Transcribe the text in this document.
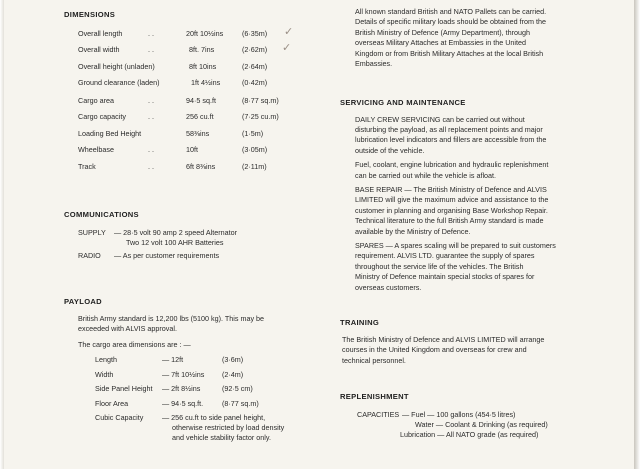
DIMENSIONS
Overall length	. .	20ft 10½ins	(6·35m)
Overall width	. .	8ft. 7ins	(2·62m)
Overall height (unladen)	8ft 10ins	(2·64m)
Ground clearance (laden)	1ft 4½ins	(0·42m)
Cargo area	. .	94·5 sq.ft	(8·77 sq.m)
Cargo capacity	. .	256 cu.ft	(7·25 cu.m)
Loading Bed Height	58⅜ins	(1·5m)
Wheelbase	. .	10ft	(3·05m)
Track	. .	6ft 8⅜ins	(2·11m)
✓
✓
COMMUNICATIONS
SUPPLY — 28·5 volt 90 amp 2 speed Alternator
Two 12 volt 100 AHR Batteries
RADIO — As per customer requirements
PAYLOAD
British Army standard is 12,200 lbs (5100 kg). This may be
exceeded with ALVIS approval.
The cargo area dimensions are : —
Length	— 12ft	(3·6m)
Width	— 7ft 10½ins (2·4m)
Side Panel Height — 2ft 8½ins	(92·5 cm)
Floor Area	— 94·5 sq.ft.	(8·77 sq.m)
Cubic Capacity	— 256 cu.ft to side panel height,
otherwise restricted by load density
and vehicle stability factor only.
All known standard British and NATO Pallets can be carried.
Details of specific military loads should be obtained from the
British Ministry of Defence (Army Department), through
overseas Military Attaches at Embassies in the United
Kingdom or from British Military Attaches at the local British
Embassies.
SERVICING AND MAINTENANCE
DAILY CREW SERVICING can be carried out without
disturbing the payload, as all replacement points and major
lubrication level indicators and fillers are accessible from the
outside of the vehicle.
Fuel, coolant, engine lubrication and hydraulic replenishment
can be carried out while the vehicle is afloat.
BASE REPAIR — The British Ministry of Defence and ALVIS
LIMITED will give the maximum advice and assistance to the
customer in planning and organising Base Workshop Repair.
Technical literature to the full British Army standard is made
available by the Ministry of Defence.
SPARES — A spares scaling will be prepared to suit customers
requirement. ALVIS LTD. guarantee the supply of spares
throughout the service life of the vehicles. The British
Ministry of Defence maintain special stocks of spares for
overseas customers.
TRAINING
The British Ministry of Defence and ALVIS LIMITED will arrange
courses in the United Kingdom and overseas for crew and
technical personnel.
REPLENISHMENT
CAPACITIES — Fuel — 100 gallons (454·5 litres)
Water — Coolant & Drinking (as required)
Lubrication — All NATO grade (as required)
